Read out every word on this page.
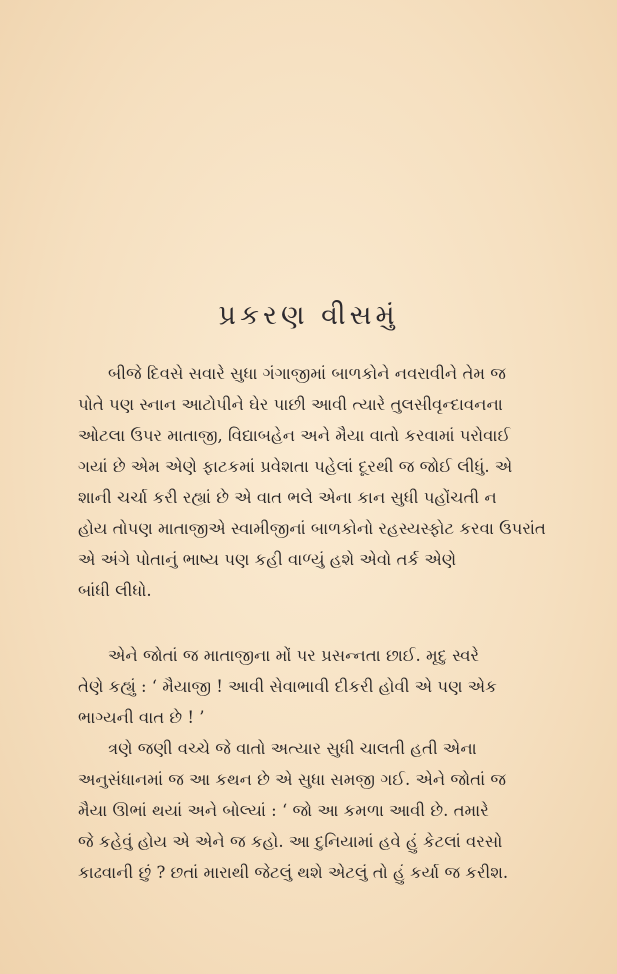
પ્રકરણ વીસમું
બીજે દિવસે સવારે સુધા ગંગાજીમાં બાળકોને નવરાવીને તેમ જ
પોતે પણ સ્નાન આટોપીને ઘેર પાછી આવી ત્યારે તુલસીવૃન્દાવનના
ઓટલા ઉપર માતાજી, વિદ્યાબહેન અને મૈયા વાતો કરવામાં પરોવાઈ
ગયાં છે એમ એણે ફાટકમાં પ્રવેશતા પહેલાં દૂરથી જ જોઈ લીધું. એ
શાની ચર્ચા કરી રહ્યાં છે એ વાત ભલે એના કાન સુધી પહોંચતી ન
હોય તોપણ માતાજીએ સ્વામીજીનાં બાળકોનો રહસ્યસ્ફોટ કરવા ઉપરાંત
એ અંગે પોતાનું ભાષ્ય પણ કહી વાળ્યું હશે એવો તર્ક એણે
બાંધી લીધો.
એને જોતાં જ માતાજીના મોં પર પ્રસન્નતા છાઈ. મૃદુ સ્વરે
તેણે કહ્યું : ‘ મૈયાજી ! આવી સેવાભાવી દીકરી હોવી એ પણ એક
ભાગ્યની વાત છે ! ’
ત્રણે જણી વચ્ચે જે વાતો અત્યાર સુધી ચાલતી હતી એના
અનુસંધાનમાં જ આ કથન છે એ સુધા સમજી ગઈ. એને જોતાં જ
મૈયા ઊભાં થયાં અને બોલ્યાં : ‘ જો આ કમળા આવી છે. તમારે
જે કહેવું હોય એ એને જ કહો. આ દુનિયામાં હવે હું કેટલાં વરસો
કાઢવાની છું ? છતાં મારાથી જેટલું થશે એટલું તો હું કર્યા જ કરીશ.
